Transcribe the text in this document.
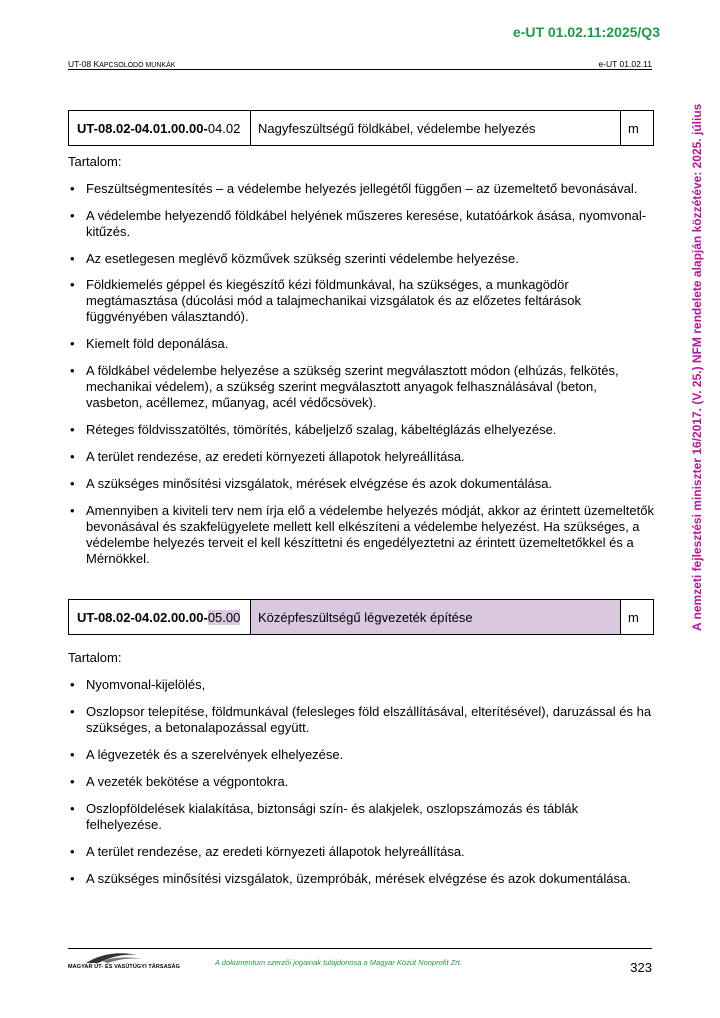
e-UT 01.02.11:2025/Q3
UT-08 KAPCSOLÓDÓ MUNKÁK	e-UT 01.02.11
A nemzeti fejlesztési miniszter 16/2017. (V. 25.) NFM rendelete alapján közzétéve: 2025. július
UT-08.02-04.01.00.00- 04.02	Nagyfeszültségű földkábel, védelembe helyezés	m
Tartalom:
• Feszültségmentesítés – a védelembe helyezés jellegétől függően – az üzemeltető bevonásával.
• A védelembe helyezendő földkábel helyének műszeres keresése, kutatóárkok ásása, nyomvonal-kitűzés.
• Az esetlegesen meglévő közművek szükség szerinti védelembe helyezése.
• Földkiemelés géppel és kiegészítő kézi földmunkával, ha szükséges, a munkagödör megtámasztása (dúcolási mód a talajmechanikai vizsgálatok és az előzetes feltárások függvényében választandó).
• Kiemelt föld deponálása.
• A földkábel védelembe helyezése a szükség szerint megválasztott módon (elhúzás, felkötés, mechanikai védelem), a szükség szerint megválasztott anyagok felhasználásával (beton, vasbeton, acéllemez, műanyag, acél védőcsövek).
• Réteges földvisszatöltés, tömörítés, kábeljelző szalag, kábeltéglázás elhelyezése.
• A terület rendezése, az eredeti környezeti állapotok helyreállítása.
• A szükséges minősítési vizsgálatok, mérések elvégzése és azok dokumentálása.
• Amennyiben a kiviteli terv nem írja elő a védelembe helyezés módját, akkor az érintett üzemeltetők bevonásával és szakfelügyelete mellett kell elkészíteni a védelembe helyezést. Ha szükséges, a védelembe helyezés terveit el kell készíttetni és engedélyeztetni az érintett üzemeltetőkkel és a Mérnökkel.
UT-08.02-04.02.00.00- 05.00	Középfeszültségű légvezeték építése	m
Tartalom:
• Nyomvonal-kijelölés,
• Oszlopsor telepítése, földmunkával (felesleges föld elszállításával, elterítésével), daruzással és ha szükséges, a betonalapozással együtt.
• A légvezeték és a szerelvények elhelyezése.
• A vezeték bekötése a végpontokra.
• Oszlopföldelések kialakítása, biztonsági szín- és alakjelek, oszlopszámozás és táblák felhelyezése.
• A terület rendezése, az eredeti környezeti állapotok helyreállítása.
• A szükséges minősítési vizsgálatok, üzempróbák, mérések elvégzése és azok dokumentálása.
MAGYAR ÚT- ÉS VASÚTÜGYI TÁRSASÁG	A dokumentum szerzői jogainak tulajdonosa a Magyar Közút Nonprofit Zrt.	323
